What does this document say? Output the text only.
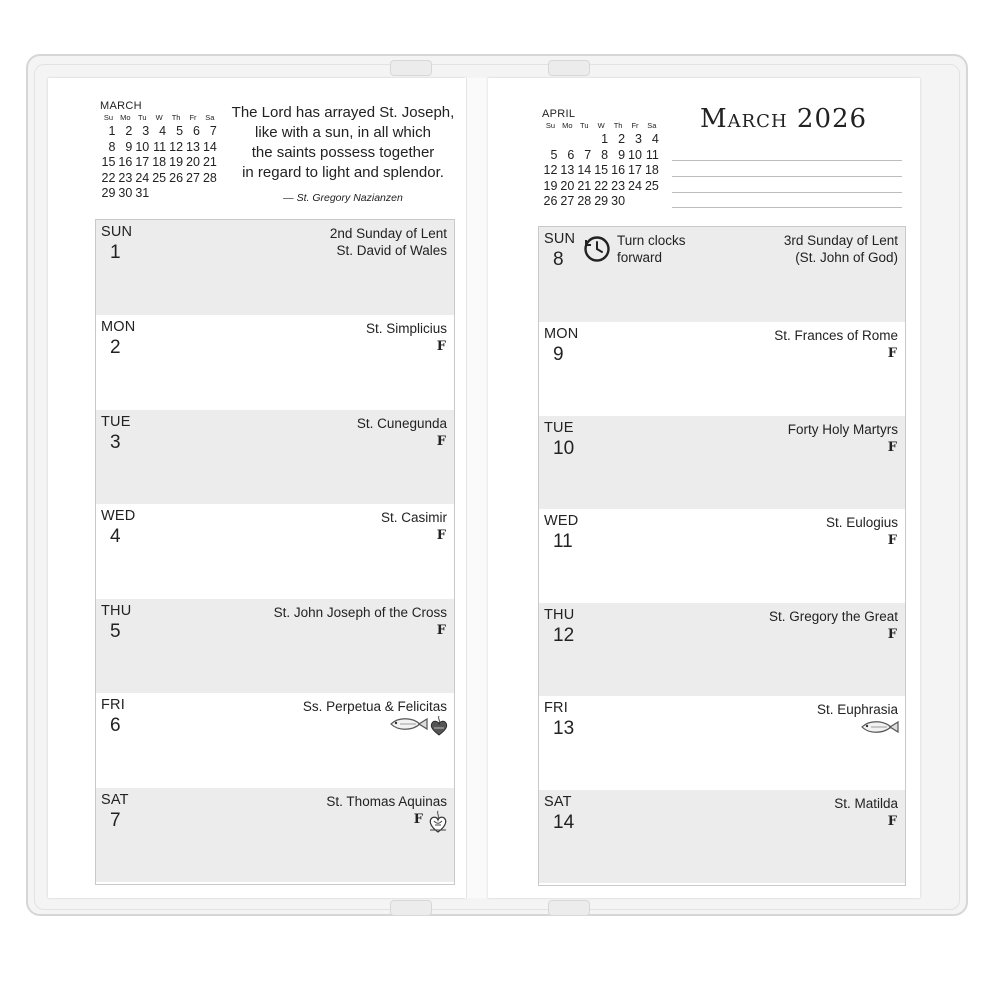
MARCH
Su	Mo	Tu	W	Th	Fr	Sa
1	2	3	4	5	6	7
8	9	10	11	12	13	14
15	16	17	18	19	20	21
22	23	24	25	26	27	28
29	30	31				
The Lord has arrayed St. Joseph,
like with a sun, in all which
the saints possess together
in regard to light and splendor.
— St. Gregory Nazianzen
APRIL
Su	Mo	Tu	W	Th	Fr	Sa
			1	2	3	4
5	6	7	8	9	10	11
12	13	14	15	16	17	18
19	20	21	22	23	24	25
26	27	28	29	30		
March 2026
SUN
1
2nd Sunday of Lent
St. David of Wales
MON
2
St. Simplicius
F
TUE
3
St. Cunegunda
F
WED
4
St. Casimir
F
THU
5
St. John Joseph of the Cross
F
FRI
6
Ss. Perpetua & Felicitas
SAT
7
St. Thomas Aquinas
F
SUN
8
3rd Sunday of Lent
(St. John of God)
Turn clocks
forward
MON
9
St. Frances of Rome
F
TUE
10
Forty Holy Martyrs
F
WED
11
St. Eulogius
F
THU
12
St. Gregory the Great
F
FRI
13
St. Euphrasia
SAT
14
St. Matilda
F
